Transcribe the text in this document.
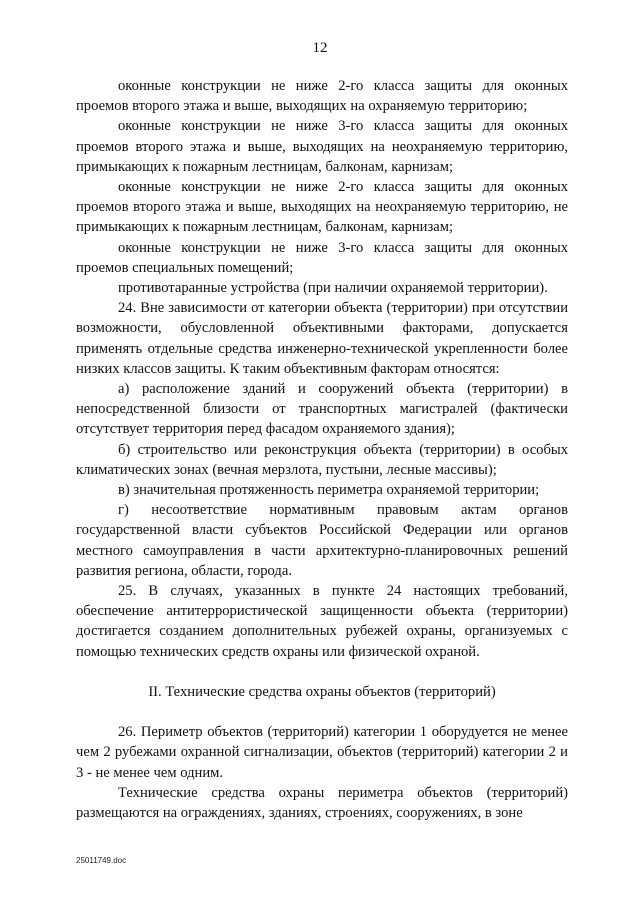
12

оконные конструкции не ниже 2-го класса защиты для оконных проемов второго этажа и выше, выходящих на охраняемую территорию;

оконные конструкции не ниже 3-го класса защиты для оконных проемов второго этажа и выше, выходящих на неохраняемую территорию, примыкающих к пожарным лестницам, балконам, карнизам;

оконные конструкции не ниже 2-го класса защиты для оконных проемов второго этажа и выше, выходящих на неохраняемую территорию, не примыкающих к пожарным лестницам, балконам, карнизам;

оконные конструкции не ниже 3-го класса защиты для оконных проемов специальных помещений;

противотаранные устройства (при наличии охраняемой территории).

24. Вне зависимости от категории объекта (территории) при отсутствии возможности, обусловленной объективными факторами, допускается применять отдельные средства инженерно-технической укрепленности более низких классов защиты. К таким объективным факторам относятся:

а) расположение зданий и сооружений объекта (территории) в непосредственной близости от транспортных магистралей (фактически отсутствует территория перед фасадом охраняемого здания);

б) строительство или реконструкция объекта (территории) в особых климатических зонах (вечная мерзлота, пустыни, лесные массивы);

в) значительная протяженность периметра охраняемой территории;

г) несоответствие нормативным правовым актам органов государственной власти субъектов Российской Федерации или органов местного самоуправления в части архитектурно-планировочных решений развития региона, области, города.

25. В случаях, указанных в пункте 24 настоящих требований, обеспечение антитеррористической защищенности объекта (территории) достигается созданием дополнительных рубежей охраны, организуемых с помощью технических средств охраны или физической охраной.

II. Технические средства охраны объектов (территорий)

26. Периметр объектов (территорий) категории 1 оборудуется не менее чем 2 рубежами охранной сигнализации, объектов (территорий) категории 2 и 3 - не менее чем одним.

Технические средства охраны периметра объектов (территорий) размещаются на ограждениях, зданиях, строениях, сооружениях, в зоне

25011749.doc
